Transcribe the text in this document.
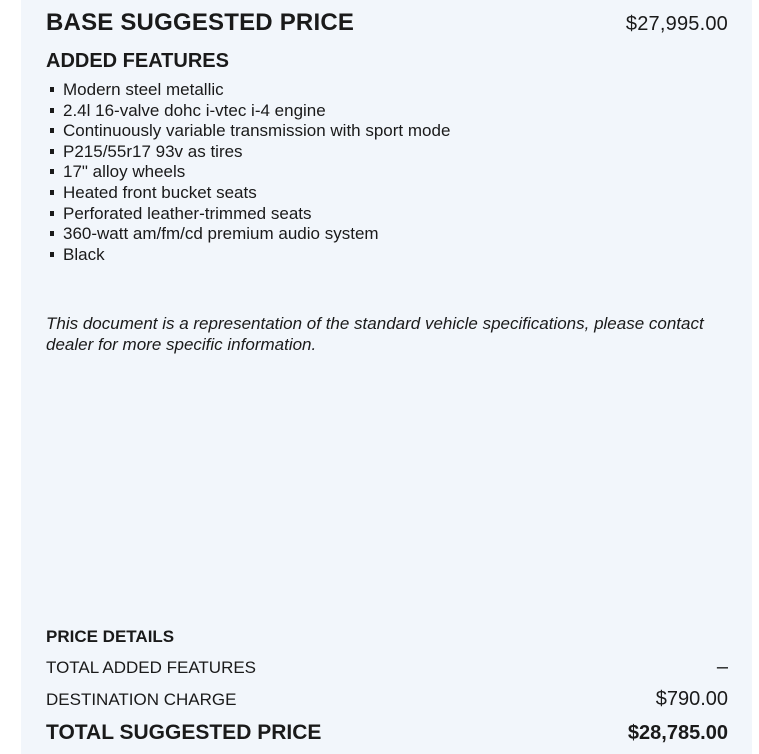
BASE SUGGESTED PRICE	$27,995.00
ADDED FEATURES
Modern steel metallic
2.4l 16-valve dohc i-vtec i-4 engine
Continuously variable transmission with sport mode
P215/55r17 93v as tires
17" alloy wheels
Heated front bucket seats
Perforated leather-trimmed seats
360-watt am/fm/cd premium audio system
Black

This document is a representation of the standard vehicle specifications, please contact dealer for more specific information.

PRICE DETAILS
TOTAL ADDED FEATURES	–
DESTINATION CHARGE	$790.00
TOTAL SUGGESTED PRICE	$28,785.00
